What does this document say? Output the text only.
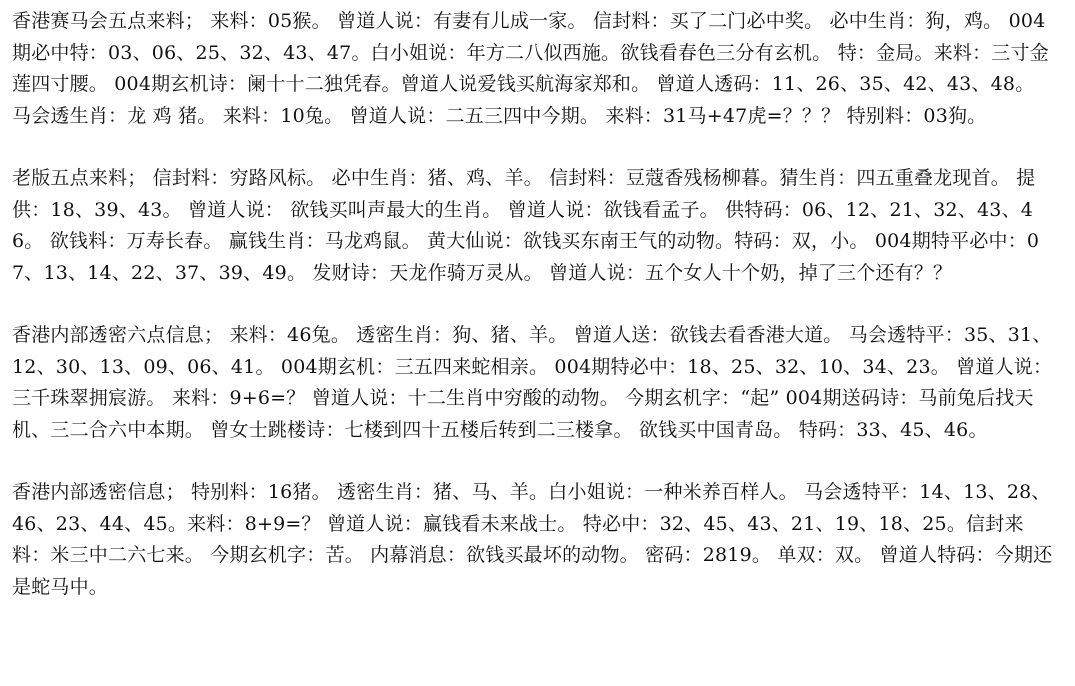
香港赛马会五点来料； 来料：05猴。 曾道人说：有妻有儿成一家。 信封料：买了二门必中奖。 必中生肖：狗，鸡。 004期必中特：03、06、25、32、43、47。白小姐说：年方二八似西施。欲钱看春色三分有玄机。 特：金局。来料：三寸金莲四寸腰。 004期玄机诗：阑十十二独凭春。曾道人说爱钱买航海家郑和。 曾道人透码：11、26、35、42、43、48。 马会透生肖：龙 鸡 猪。 来料：10兔。 曾道人说：二五三四中今期。 来料：31马+47虎=？？？ 特别料：03狗。

老版五点来料； 信封料：穷路风标。 必中生肖：猪、鸡、羊。 信封料：豆蔻香残杨柳暮。猜生肖：四五重叠龙现首。 提供：18、39、43。 曾道人说： 欲钱买叫声最大的生肖。 曾道人说：欲钱看孟子。 供特码：06、12、21、32、43、46。 欲钱料：万寿长春。 赢钱生肖：马龙鸡鼠。 黄大仙说：欲钱买东南王气的动物。特码：双，小。 004期特平必中：07、13、14、22、37、39、49。 发财诗：天龙作骑万灵从。 曾道人说：五个女人十个奶，掉了三个还有？？

香港内部透密六点信息； 来料：46兔。 透密生肖：狗、猪、羊。 曾道人送：欲钱去看香港大道。 马会透特平：35、31、12、30、13、09、06、41。 004期玄机：三五四来蛇相亲。 004期特必中：18、25、32、10、34、23。 曾道人说：三千珠翠拥宸游。 来料：9+6=？ 曾道人说：十二生肖中穷酸的动物。 今期玄机字：“起” 004期送码诗：马前兔后找天机、三二合六中本期。 曾女士跳楼诗：七楼到四十五楼后转到二三楼拿。 欲钱买中国青岛。 特码：33、45、46。

香港内部透密信息； 特别料：16猪。 透密生肖：猪、马、羊。白小姐说：一种米养百样人。 马会透特平：14、13、28、46、23、44、45。来料：8+9=？ 曾道人说：赢钱看未来战士。 特必中：32、45、43、21、19、18、25。信封来料：米三中二六七来。 今期玄机字：苦。 内幕消息：欲钱买最坏的动物。 密码：2819。 单双：双。 曾道人特码：今期还是蛇马中。
